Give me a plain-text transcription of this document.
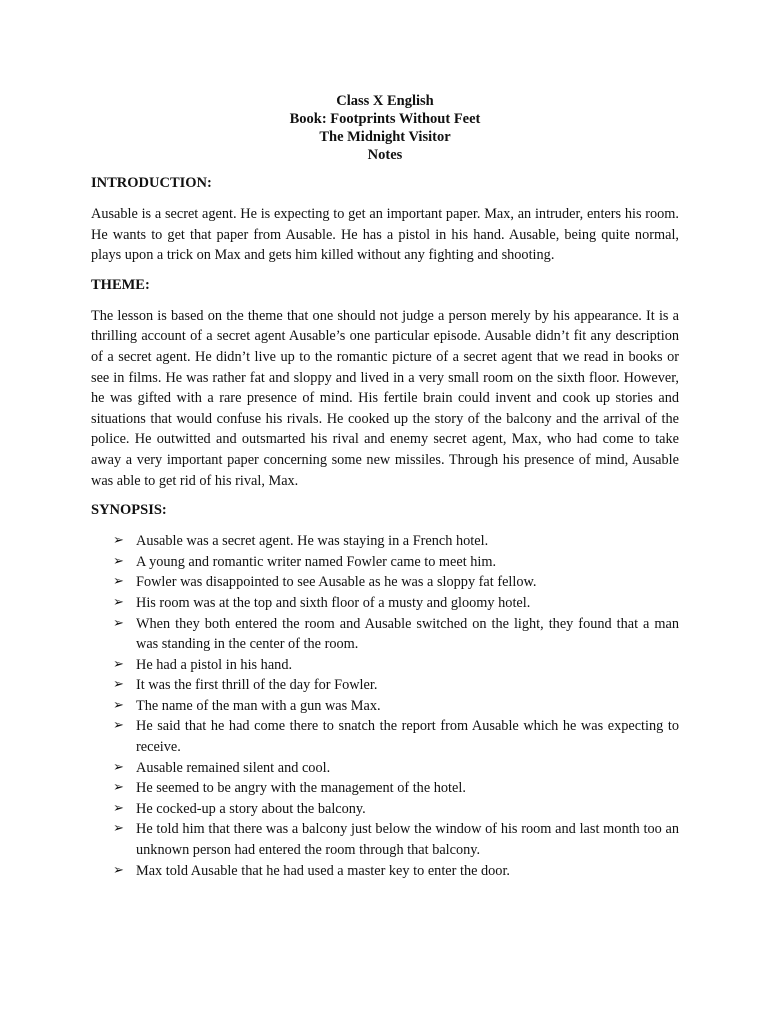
Class X English
Book: Footprints Without Feet
The Midnight Visitor
Notes
INTRODUCTION:

Ausable is a secret agent. He is expecting to get an important paper. Max, an intruder, enters his room. He wants to get that paper from Ausable. He has a pistol in his hand. Ausable, being quite normal, plays upon a trick on Max and gets him killed without any fighting and shooting.

THEME:

The lesson is based on the theme that one should not judge a person merely by his appearance. It is a thrilling account of a secret agent Ausable’s one particular episode. Ausable didn’t fit any description of a secret agent. He didn’t live up to the romantic picture of a secret agent that we read in books or see in films. He was rather fat and sloppy and lived in a very small room on the sixth floor. However, he was gifted with a rare presence of mind. His fertile brain could invent and cook up stories and situations that would confuse his rivals. He cooked up the story of the balcony and the arrival of the police. He outwitted and outsmarted his rival and enemy secret agent, Max, who had come to take away a very important paper concerning some new missiles. Through his presence of mind, Ausable was able to get rid of his rival, Max.

SYNOPSIS:
➢ Ausable was a secret agent. He was staying in a French hotel.
➢ A young and romantic writer named Fowler came to meet him.
➢ Fowler was disappointed to see Ausable as he was a sloppy fat fellow.
➢ His room was at the top and sixth floor of a musty and gloomy hotel.
➢ When they both entered the room and Ausable switched on the light, they found that a man was standing in the center of the room.
➢ He had a pistol in his hand.
➢ It was the first thrill of the day for Fowler.
➢ The name of the man with a gun was Max.
➢ He said that he had come there to snatch the report from Ausable which he was expecting to receive.
➢ Ausable remained silent and cool.
➢ He seemed to be angry with the management of the hotel.
➢ He cocked-up a story about the balcony.
➢ He told him that there was a balcony just below the window of his room and last month too an unknown person had entered the room through that balcony.
➢ Max told Ausable that he had used a master key to enter the door.
